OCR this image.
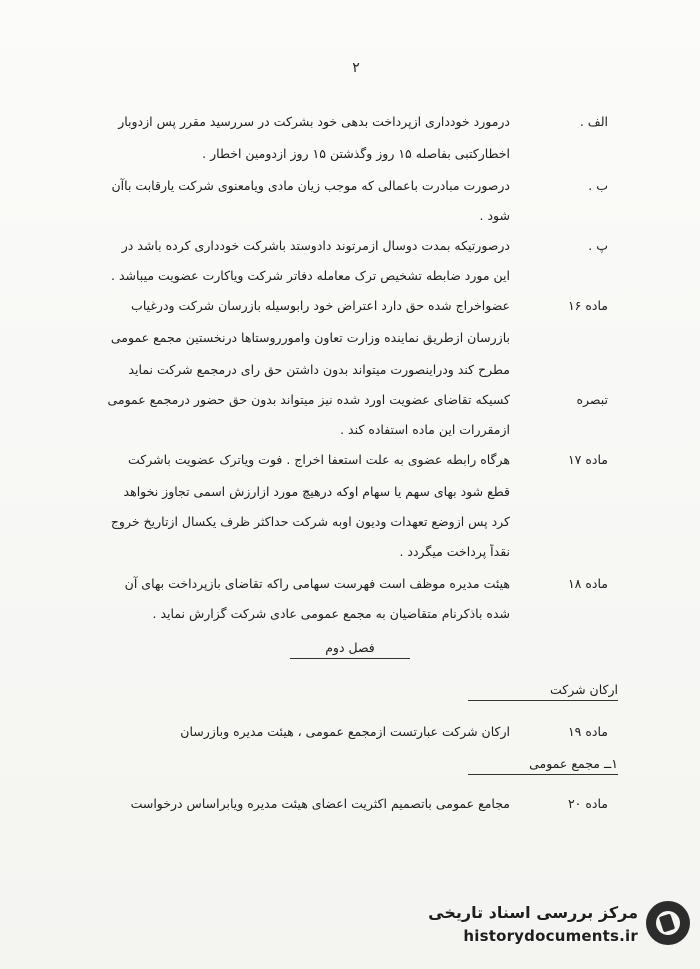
۲
الف .
درمورد خودداری ازپرداخت بدهی خود بشرکت در سررسید مقرر پس ازدوبار
اخطارکتبی بفاصله ۱۵ روز وگذشتن ۱۵ روز ازدومین اخطار .
ب .
درصورت مبادرت باعمالی که موجب زیان مادی ویامعنوی شرکت یارقابت باآن
شود .
پ .
درصورتیکه بمدت دوسال ازمرتوند دادوستد باشرکت خودداری کرده باشد در
این مورد ضابطه تشخیص ترک معامله دفاتر شرکت ویاکارت عضویت میباشد .
ماده ۱۶
عضواخراج شده حق دارد اعتراض خود رابوسیله بازرسان شرکت ودرغیاب
بازرسان ازطریق نماینده وزارت تعاون وامورروستاها درنخستین مجمع عمومی
مطرح کند ودراینصورت میتواند بدون داشتن حق رای درمجمع شرکت نماید
تبصره
کسیکه تقاضای عضویت اورد شده نیز میتواند بدون حق حضور درمجمع عمومی
ازمقررات این ماده استفاده کند .
ماده ۱۷
هرگاه رابطه عضوی به علت استعفا اخراج . فوت ویاترک عضویت باشرکت
قطع شود بهای سهم یا سهام اوکه درهیچ مورد ازارزش اسمی تجاوز نخواهد
کرد پس ازوضع تعهدات ودیون اوبه شرکت حداکثر ظرف یکسال ازتاریخ خروج
نقداً پرداخت میگردد .
ماده ۱۸
هیئت مدیره موظف است فهرست سهامی راکه تقاضای بازپرداخت بهای آن
شده باذکرنام متقاضیان به مجمع عمومی عادی شرکت گزارش نماید .
فصل دوم
ارکان شرکت
ماده ۱۹
ارکان شرکت عبارتست ازمجمع عمومی ، هیئت مدیره وبازرسان
۱ــ مجمع عمومی
ماده ۲۰
مجامع عمومی باتصمیم اکثریت اعضای هیئت مدیره ویابراساس درخواست
مرکز بررسی اسناد تاریخی
historydocuments.ir
